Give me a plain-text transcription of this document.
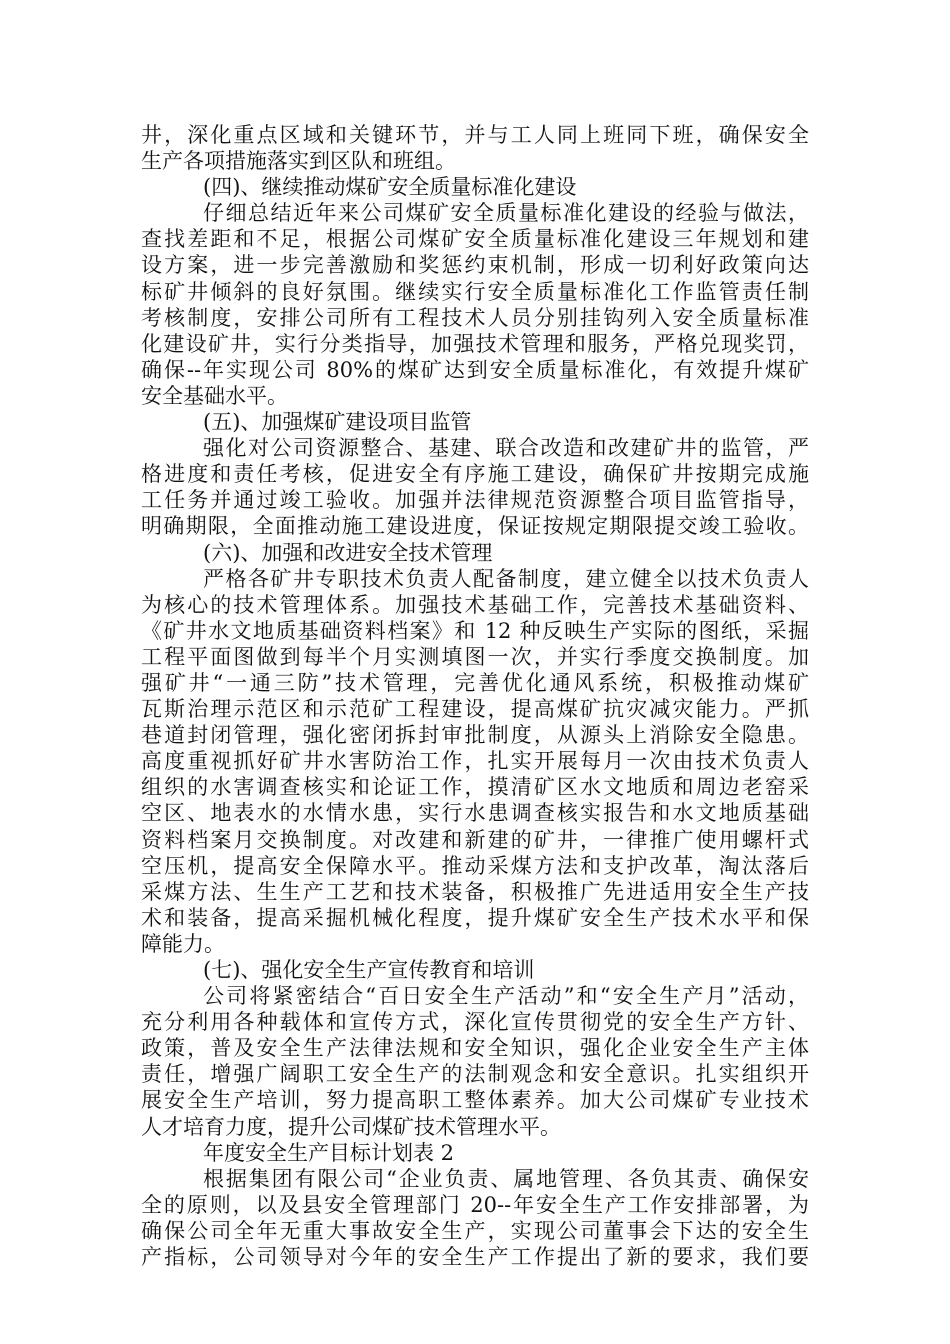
井，深化重点区域和关键环节，并与工人同上班同下班，确保安全
生产各项措施落实到区队和班组。
(四)、继续推动煤矿安全质量标准化建设
仔细总结近年来公司煤矿安全质量标准化建设的经验与做法，
查找差距和不足，根据公司煤矿安全质量标准化建设三年规划和建
设方案，进一步完善激励和奖惩约束机制，形成一切利好政策向达
标矿井倾斜的良好氛围。继续实行安全质量标准化工作监管责任制
考核制度，安排公司所有工程技术人员分别挂钩列入安全质量标准
化建设矿井，实行分类指导，加强技术管理和服务，严格兑现奖罚，
确保--年实现公司 80%的煤矿达到安全质量标准化，有效提升煤矿
安全基础水平。
(五)、加强煤矿建设项目监管
强化对公司资源整合、基建、联合改造和改建矿井的监管，严
格进度和责任考核，促进安全有序施工建设，确保矿井按期完成施
工任务并通过竣工验收。加强并法律规范资源整合项目监管指导，
明确期限，全面推动施工建设进度，保证按规定期限提交竣工验收。
(六)、加强和改进安全技术管理
严格各矿井专职技术负责人配备制度，建立健全以技术负责人
为核心的技术管理体系。加强技术基础工作，完善技术基础资料、
《矿井水文地质基础资料档案》和 12 种反映生产实际的图纸，采掘
工程平面图做到每半个月实测填图一次，并实行季度交换制度。加
强矿井“一通三防”技术管理，完善优化通风系统，积极推动煤矿
瓦斯治理示范区和示范矿工程建设，提高煤矿抗灾减灾能力。严抓
巷道封闭管理，强化密闭拆封审批制度，从源头上消除安全隐患。
高度重视抓好矿井水害防治工作，扎实开展每月一次由技术负责人
组织的水害调查核实和论证工作，摸清矿区水文地质和周边老窑采
空区、地表水的水情水患，实行水患调查核实报告和水文地质基础
资料档案月交换制度。对改建和新建的矿井，一律推广使用螺杆式
空压机，提高安全保障水平。推动采煤方法和支护改革，淘汰落后
采煤方法、生生产工艺和技术装备，积极推广先进适用安全生产技
术和装备，提高采掘机械化程度，提升煤矿安全生产技术水平和保
障能力。
(七)、强化安全生产宣传教育和培训
公司将紧密结合“百日安全生产活动”和“安全生产月”活动，
充分利用各种载体和宣传方式，深化宣传贯彻党的安全生产方针、
政策，普及安全生产法律法规和安全知识，强化企业安全生产主体
责任，增强广阔职工安全生产的法制观念和安全意识。扎实组织开
展安全生产培训，努力提高职工整体素养。加大公司煤矿专业技术
人才培育力度，提升公司煤矿技术管理水平。
年度安全生产目标计划表 2
根据集团有限公司“企业负责、属地管理、各负其责、确保安
全的原则，以及县安全管理部门 20--年安全生产工作安排部署，为
确保公司全年无重大事故安全生产，实现公司董事会下达的安全生
产指标，公司领导对今年的安全生产工作提出了新的要求，我们要
